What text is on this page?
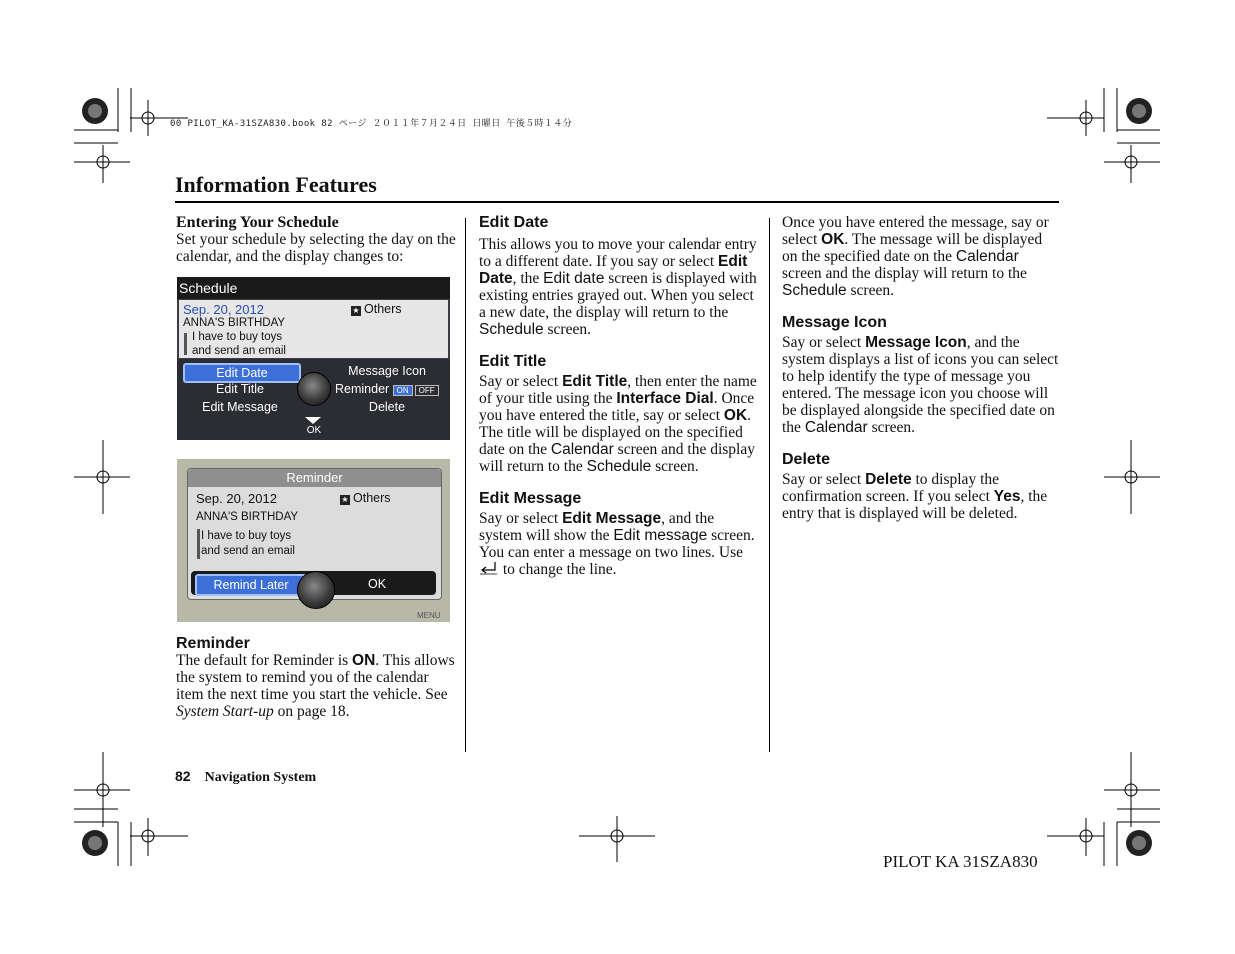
00 PILOT_KA-31SZA830.book 82 ページ ２０１１年７月２４日 日曜日 午後５時１４分
Information Features
Entering Your Schedule

Set your schedule by selecting the day on the calendar, and the display changes to:

Schedule
Sep. 20, 2012	★ Others
ANNA'S BIRTHDAY
I have to buy toys
and send an email
Edit Date
Edit Title
Edit Message
Message Icon
Reminder ON OFF
Delete
OK
Reminder
Sep. 20, 2012	★ Others
ANNA'S BIRTHDAY
I have to buy toys
and send an email
Remind Later	OK
MENU
Reminder

The default for Reminder is ON. This allows the system to remind you of the calendar item the next time you start the vehicle. See System Start-up on page 18.

Edit Date

This allows you to move your calendar entry to a different date. If you say or select Edit Date, the Edit date screen is displayed with existing entries grayed out. When you select a new date, the display will return to the Schedule screen.

Edit Title

Say or select Edit Title, then enter the name of your title using the Interface Dial. Once you have entered the title, say or select OK. The title will be displayed on the specified date on the Calendar screen and the display will return to the Schedule screen.

Edit Message

Say or select Edit Message, and the system will show the Edit message screen. You can enter a message on two lines. Use  to change the line.

Once you have entered the message, say or select OK. The message will be displayed on the specified date on the Calendar screen and the display will return to the Schedule screen.

Message Icon

Say or select Message Icon, and the system displays a list of icons you can select to help identify the type of message you entered. The message icon you choose will be displayed alongside the specified date on the Calendar screen.

Delete

Say or select Delete to display the confirmation screen. If you select Yes, the entry that is displayed will be deleted.

82 Navigation System
PILOT KA 31SZA830
